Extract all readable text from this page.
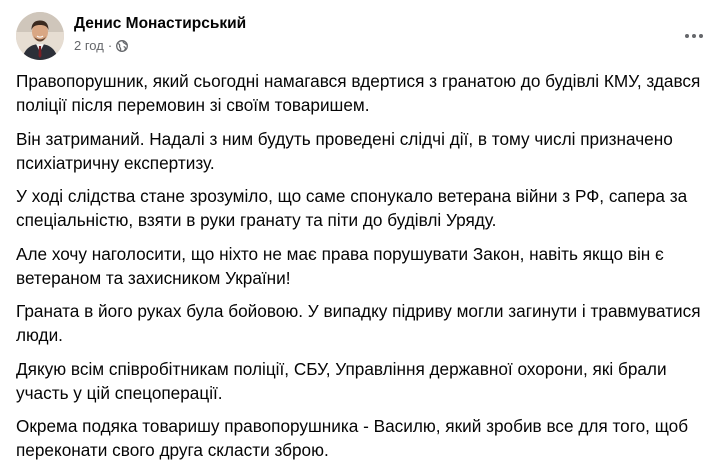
Денис Монастирський
2 год ·

Правопорушник, який сьогодні намагався вдертися з гранатою до будівлі КМУ, здався поліції після перемовин зі своїм товаришем.

Він затриманий. Надалі з ним будуть проведені слідчі дії, в тому числі призначено психіатричну експертизу.

У ході слідства стане зрозуміло, що саме спонукало ветерана війни з РФ, сапера за спеціальністю, взяти в руки гранату та піти до будівлі Уряду.

Але хочу наголосити, що ніхто не має права порушувати Закон, навіть якщо він є ветераном та захисником України!

Граната в його руках була бойовою. У випадку підриву могли загинути і травмуватися люди.

Дякую всім співробітникам поліції, СБУ, Управління державної охорони, які брали участь у цій спецоперації.

Окрема подяка товаришу правопорушника - Василю, який зробив все для того, щоб переконати свого друга скласти зброю.
